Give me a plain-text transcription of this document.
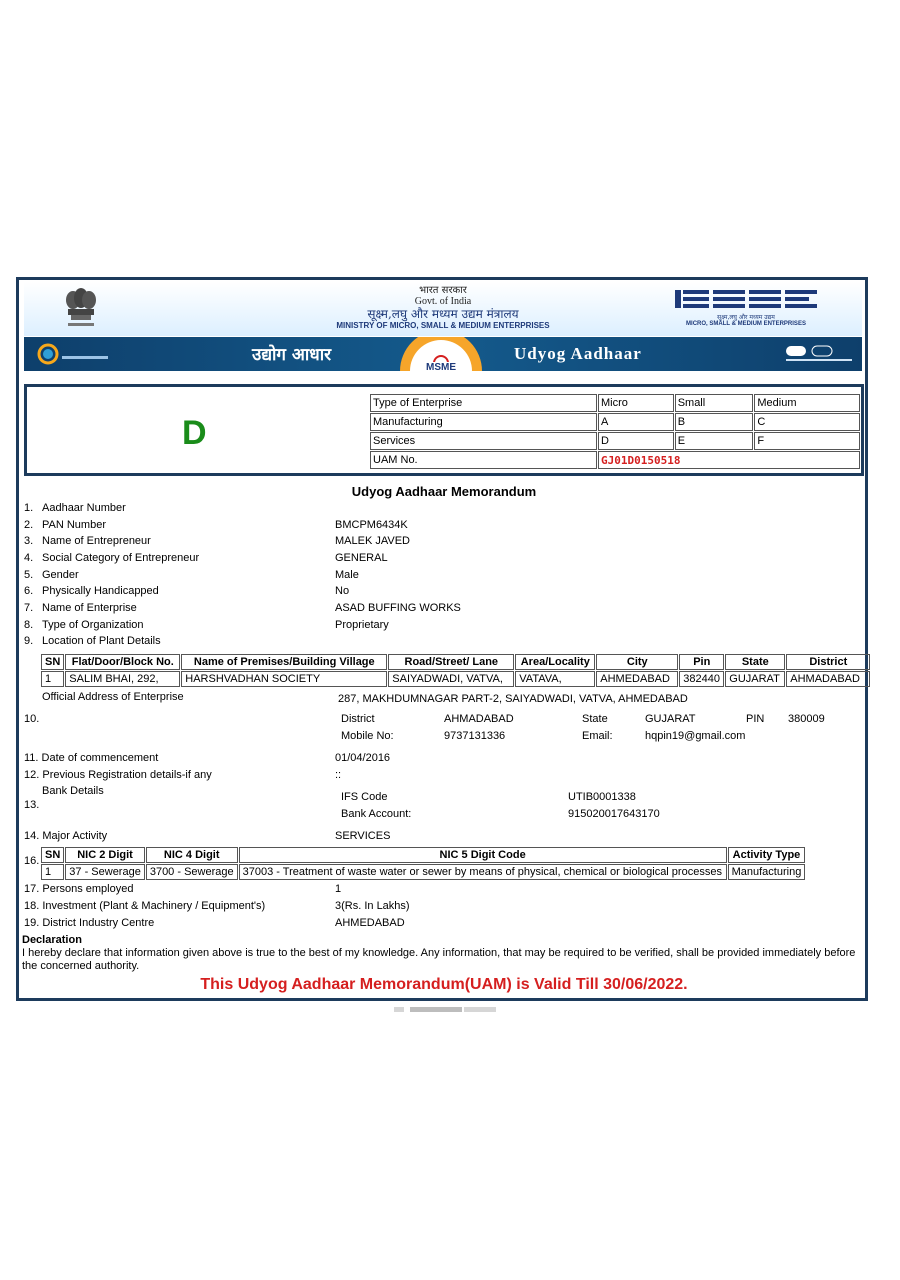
भारत सरकार
Govt. of India
सूक्ष्म,लघु और मध्यम उद्यम मंत्रालय
MINISTRY OF MICRO, SMALL & MEDIUM ENTERPRISES
सूक्ष्म,लघु और मध्यम उद्यम
MICRO, SMALL & MEDIUM ENTERPRISES
उद्योग आधार
MSME
Udyog Aadhaar
D
Type of Enterprise	Micro	Small	Medium
Manufacturing	A	B	C
Services	D	E	F
UAM No.	GJ01D0150518		
Udyog Aadhaar Memorandum
1. Aadhaar Number
2. PAN Number	BMCPM6434K
3. Name of Entrepreneur	MALEK JAVED
4. Social Category of Entrepreneur	GENERAL
5. Gender	Male
6. Physically Handicapped	No
7. Name of Enterprise	ASAD BUFFING WORKS
8. Type of Organization	Proprietary
9. Location of Plant Details
SN	Flat/Door/Block No.	Name of Premises/Building Village	Road/Street/ Lane	Area/Locality	City	Pin	State	District
1	SALIM BHAI, 292,	HARSHVADHAN SOCIETY	SAIYADWADI, VATVA,	VATAVA,	AHMEDABAD	382440	GUJARAT	AHMADABAD
Official Address of Enterprise	287, MAKHDUMNAGAR PART-2, SAIYADWADI, VATVA, AHMEDABAD
10.	District	AHMADABAD	State	GUJARAT	PIN 380009
Mobile No:	9737131336	Email:	hqpin19@gmail.com
11. Date of commencement	01/04/2016
12. Previous Registration details-if any	::
Bank Details
13.
IFS Code	UTIB0001338
Bank Account:	915020017643170
14. Major Activity	SERVICES
16. SN	NIC 2 Digit	NIC 4 Digit	NIC 5 Digit Code	Activity Type
1	37 - Sewerage	3700 - Sewerage	37003 - Treatment of waste water or sewer by means of physical, chemical or biological processes	Manufacturing
17. Persons employed	1
18. Investment (Plant & Machinery / Equipment's)	3(Rs. In Lakhs)
19. District Industry Centre	AHMEDABAD
Declaration
I hereby declare that information given above is true to the best of my knowledge. Any information, that may be required to be verified, shall be provided immediately before the concerned authority.
This Udyog Aadhaar Memorandum(UAM) is Valid Till 30/06/2022.
